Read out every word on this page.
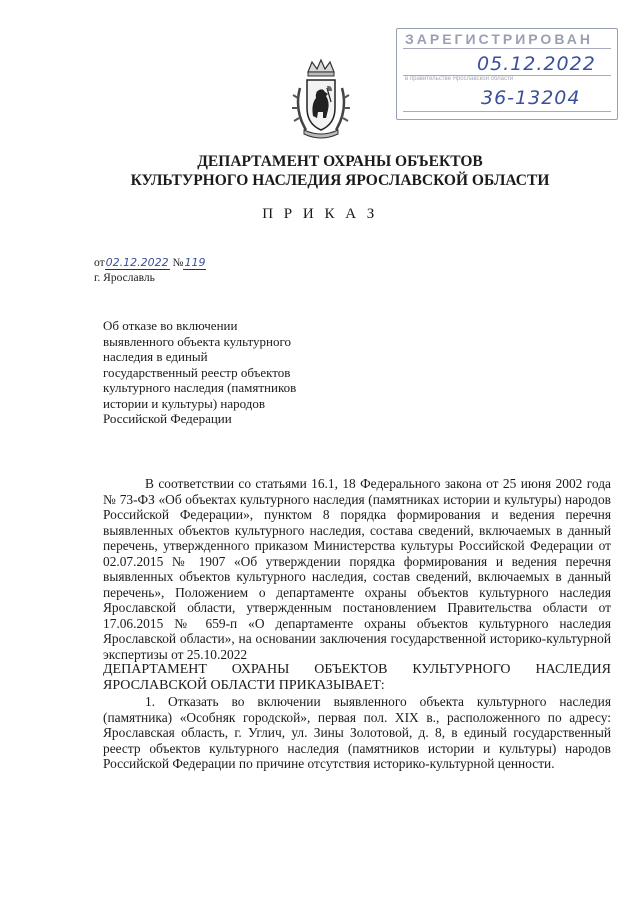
ЗАРЕГИСТРИРОВАН
05.12.2022
в правительстве Ярославской области
36-13204
ДЕПАРТАМЕНТ ОХРАНЫ ОБЪЕКТОВ
КУЛЬТУРНОГО НАСЛЕДИЯ ЯРОСЛАВСКОЙ ОБЛАСТИ
П Р И К А З
от02.12.2022 №119
г. Ярославль
Об отказе во включении
выявленного объекта культурного
наследия в единый
государственный реестр объектов
культурного наследия (памятников
истории и культуры) народов
Российской Федерации

В соответствии со статьями 16.1, 18 Федерального закона от 25 июня 2002 года № 73-ФЗ «Об объектах культурного наследия (памятниках истории и культуры) народов Российской Федерации», пунктом 8 порядка формирования и ведения перечня выявленных объектов культурного наследия, состава сведений, включаемых в данный перечень, утвержденного приказом Министерства культуры Российской Федерации от 02.07.2015 № 1907 «Об утверждении порядка формирования и ведения перечня выявленных объектов культурного наследия, состав сведений, включаемых в данный перечень», Положением о департаменте охраны объектов культурного наследия Ярославской области, утвержденным постановлением Правительства области от 17.06.2015 № 659-п «О департаменте охраны объектов культурного наследия Ярославской области», на основании заключения государственной историко-культурной экспертизы от 25.10.2022

ДЕПАРТАМЕНТ ОХРАНЫ ОБЪЕКТОВ КУЛЬТУРНОГО НАСЛЕДИЯ ЯРОСЛАВСКОЙ ОБЛАСТИ ПРИКАЗЫВАЕТ:

1. Отказать во включении выявленного объекта культурного наследия (памятника) «Особняк городской», первая пол. XIX в., расположенного по адресу: Ярославская область, г. Углич, ул. Зины Золотовой, д. 8, в единый государственный реестр объектов культурного наследия (памятников истории и культуры) народов Российской Федерации по причине отсутствия историко-культурной ценности.
